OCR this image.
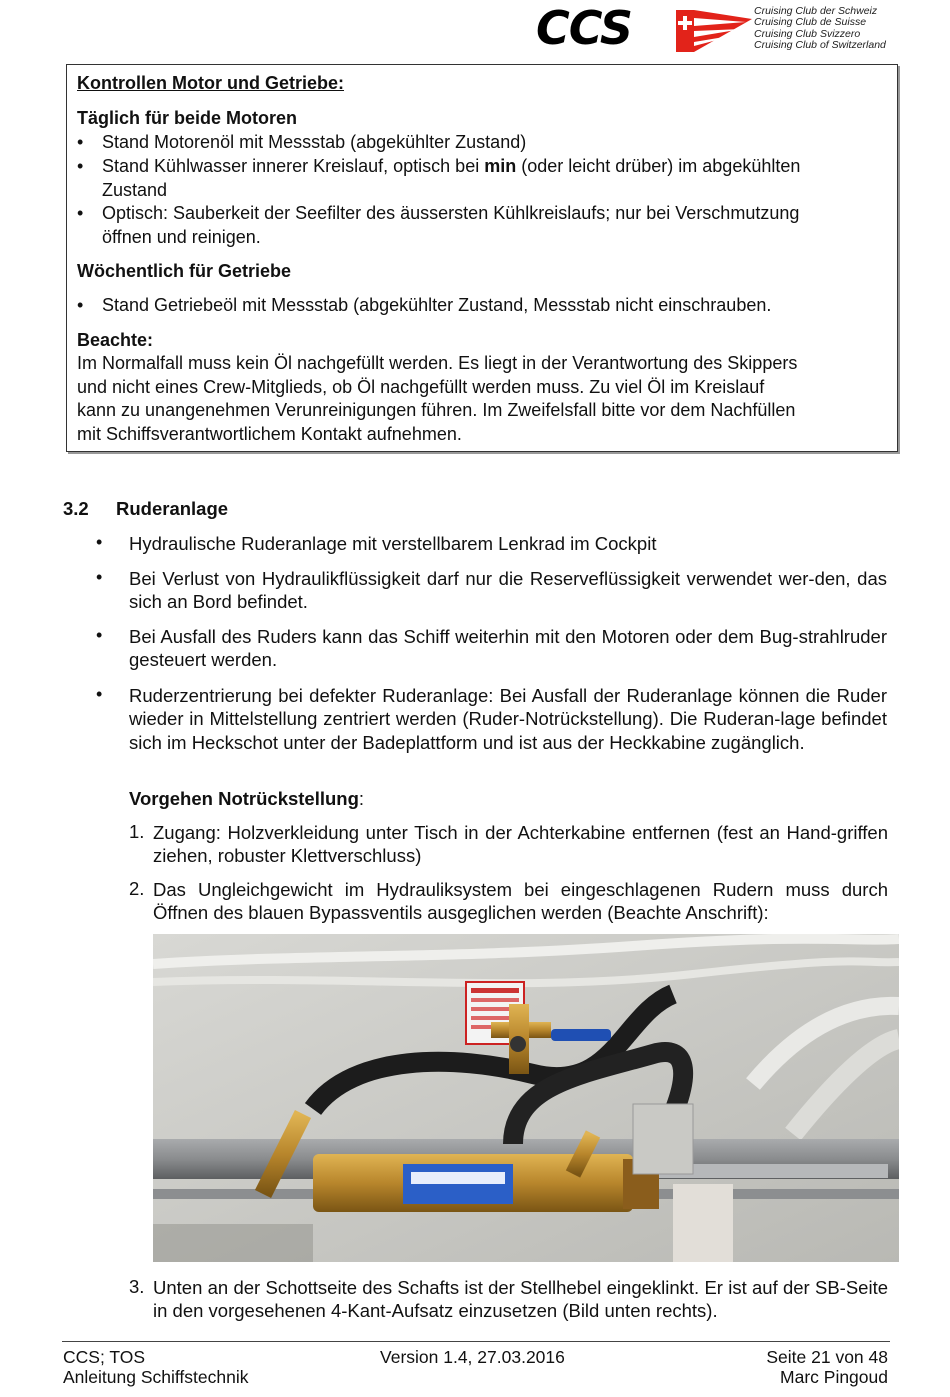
CCS	Cruising Club der Schweiz
Cruising Club de Suisse
Cruising Club Svizzero
Cruising Club of Switzerland
Kontrollen Motor und Getriebe:
Täglich für beide Motoren
•	Stand Motorenöl mit Messstab (abgekühlter Zustand)
•	Stand Kühlwasser innerer Kreislauf, optisch bei min (oder leicht drüber) im abgekühlten
Zustand
•	Optisch: Sauberkeit der Seefilter des äussersten Kühlkreislaufs; nur bei Verschmutzung
öffnen und reinigen.
Wöchentlich für Getriebe
•	Stand Getriebeöl mit Messstab (abgekühlter Zustand, Messstab nicht einschrauben.
Beachte:
Im Normalfall muss kein Öl nachgefüllt werden. Es liegt in der Verantwortung des Skippers
und nicht eines Crew-Mitglieds, ob Öl nachgefüllt werden muss. Zu viel Öl im Kreislauf
kann zu unangenehmen Verunreinigungen führen. Im Zweifelsfall bitte vor dem Nachfüllen
mit Schiffsverantwortlichem Kontakt aufnehmen.
3.2 Ruderanlage
• Hydraulische Ruderanlage mit verstellbarem Lenkrad im Cockpit
• Bei Verlust von Hydraulikflüssigkeit darf nur die Reserveflüssigkeit verwendet wer-den, das sich an Bord befindet.
• Bei Ausfall des Ruders kann das Schiff weiterhin mit den Motoren oder dem Bug-strahlruder gesteuert werden.
• Ruderzentrierung bei defekter Ruderanlage: Bei Ausfall der Ruderanlage können die Ruder wieder in Mittelstellung zentriert werden (Ruder-Notrückstellung). Die Ruderan-lage befindet sich im Heckschot unter der Badeplattform und ist aus der Heckkabine zugänglich.
Vorgehen Notrückstellung:
1. Zugang: Holzverkleidung unter Tisch in der Achterkabine entfernen (fest an Hand-griffen ziehen, robuster Klettverschluss)
2. Das Ungleichgewicht im Hydrauliksystem bei eingeschlagenen Rudern muss durch Öffnen des blauen Bypassventils ausgeglichen werden (Beachte Anschrift):
3. Unten an der Schottseite des Schafts ist der Stellhebel eingeklinkt. Er ist auf der SB-Seite in den vorgesehenen 4-Kant-Aufsatz einzusetzen (Bild unten rechts).
CCS; TOS
Anleitung Schiffstechnik
Version 1.4, 27.03.2016	Seite 21 von 48
Marc Pingoud
